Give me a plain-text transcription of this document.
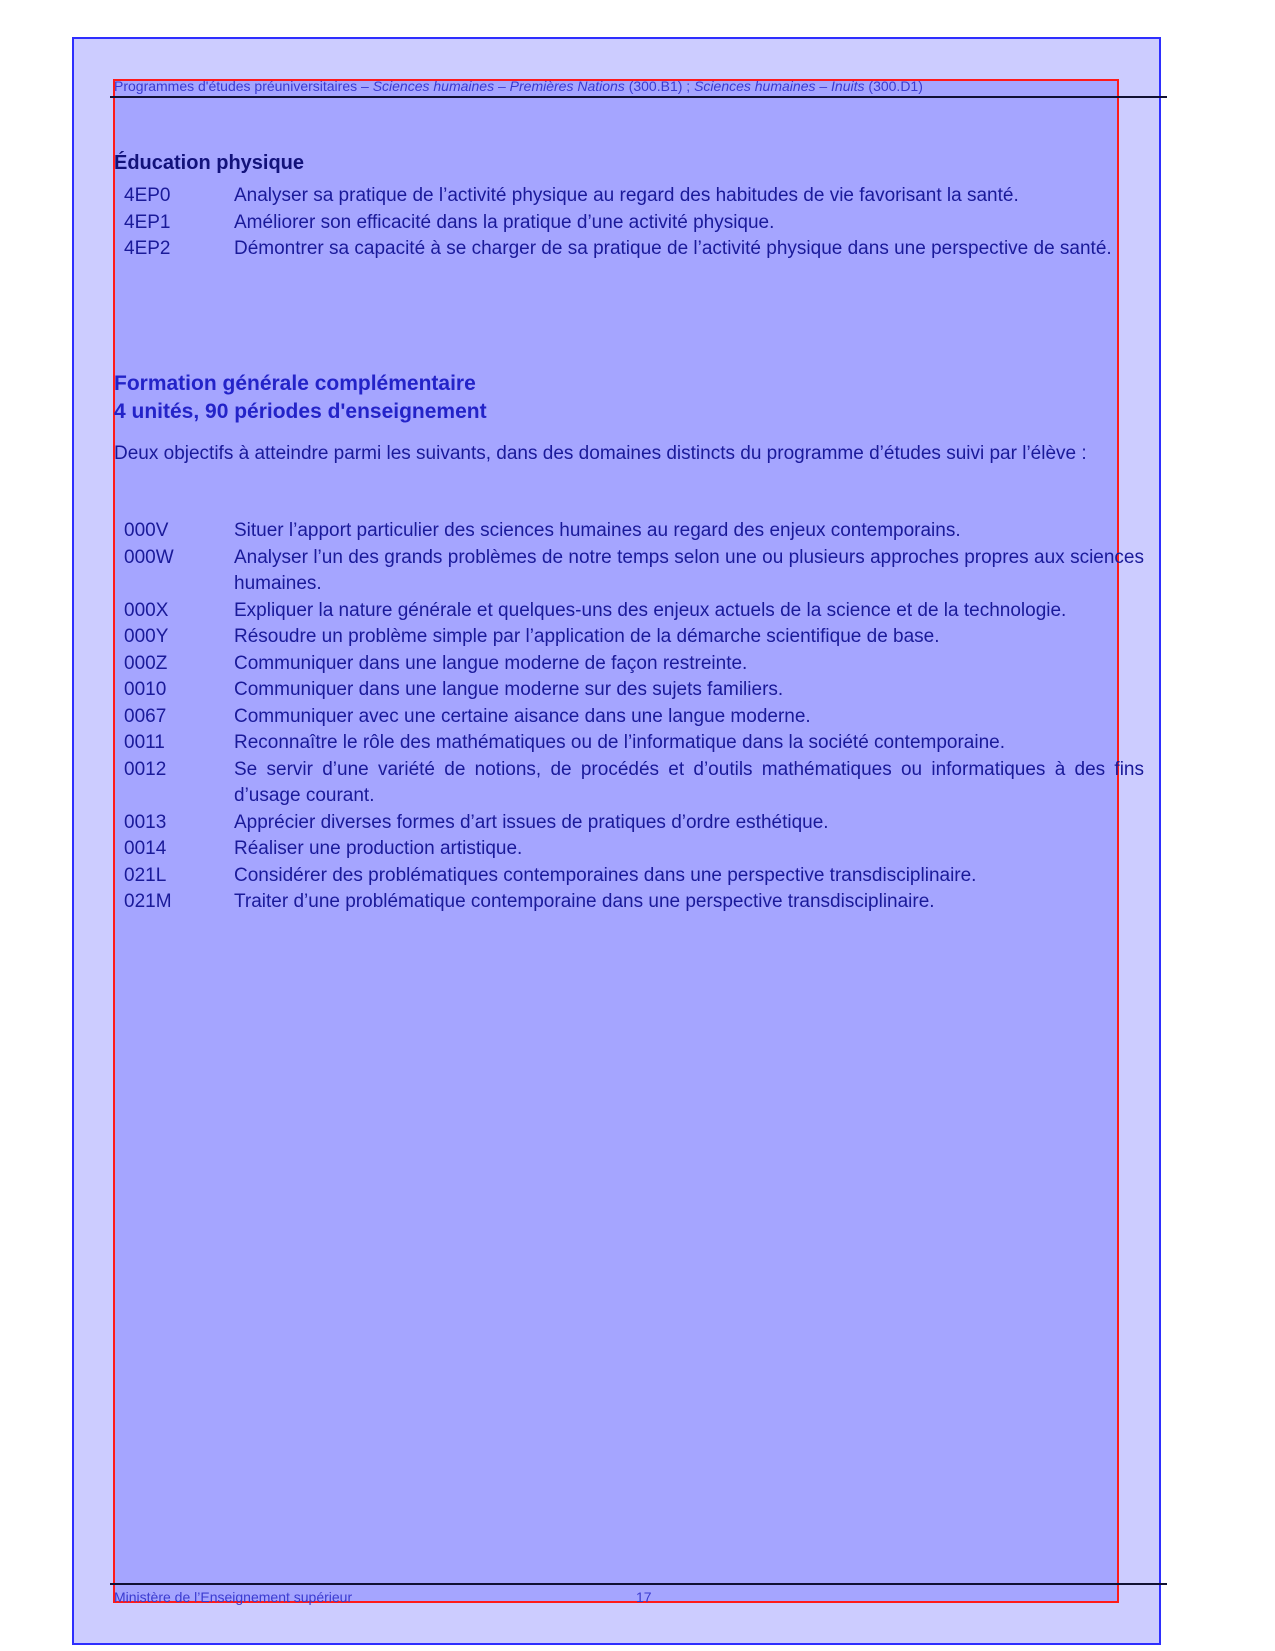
Programmes d'études préuniversitaires – Sciences humaines – Premières Nations (300.B1) ; Sciences humaines – Inuits (300.D1)
Éducation physique
4EP0	Analyser sa pratique de l’activité physique au regard des habitudes de vie favorisant la santé.
4EP1	Améliorer son efficacité dans la pratique d’une activité physique.
4EP2	Démontrer sa capacité à se charger de sa pratique de l’activité physique dans une perspective de santé.
Formation générale complémentaire
4 unités, 90 périodes d'enseignement

Deux objectifs à atteindre parmi les suivants, dans des domaines distincts du programme d’études suivi par l’élève :

000V	Situer l’apport particulier des sciences humaines au regard des enjeux contemporains.
000W	Analyser l’un des grands problèmes de notre temps selon une ou plusieurs approches propres aux sciences humaines.
000X	Expliquer la nature générale et quelques-uns des enjeux actuels de la science et de la technologie.
000Y	Résoudre un problème simple par l’application de la démarche scientifique de base.
000Z	Communiquer dans une langue moderne de façon restreinte.
0010	Communiquer dans une langue moderne sur des sujets familiers.
0067	Communiquer avec une certaine aisance dans une langue moderne.
0011	Reconnaître le rôle des mathématiques ou de l’informatique dans la société contemporaine.
0012	Se servir d’une variété de notions, de procédés et d’outils mathématiques ou informatiques à des fins d’usage courant.
0013	Apprécier diverses formes d’art issues de pratiques d’ordre esthétique.
0014	Réaliser une production artistique.
021L	Considérer des problématiques contemporaines dans une perspective transdisciplinaire.
021M	Traiter d’une problématique contemporaine dans une perspective transdisciplinaire.
Ministère de l’Enseignement supérieur	17
